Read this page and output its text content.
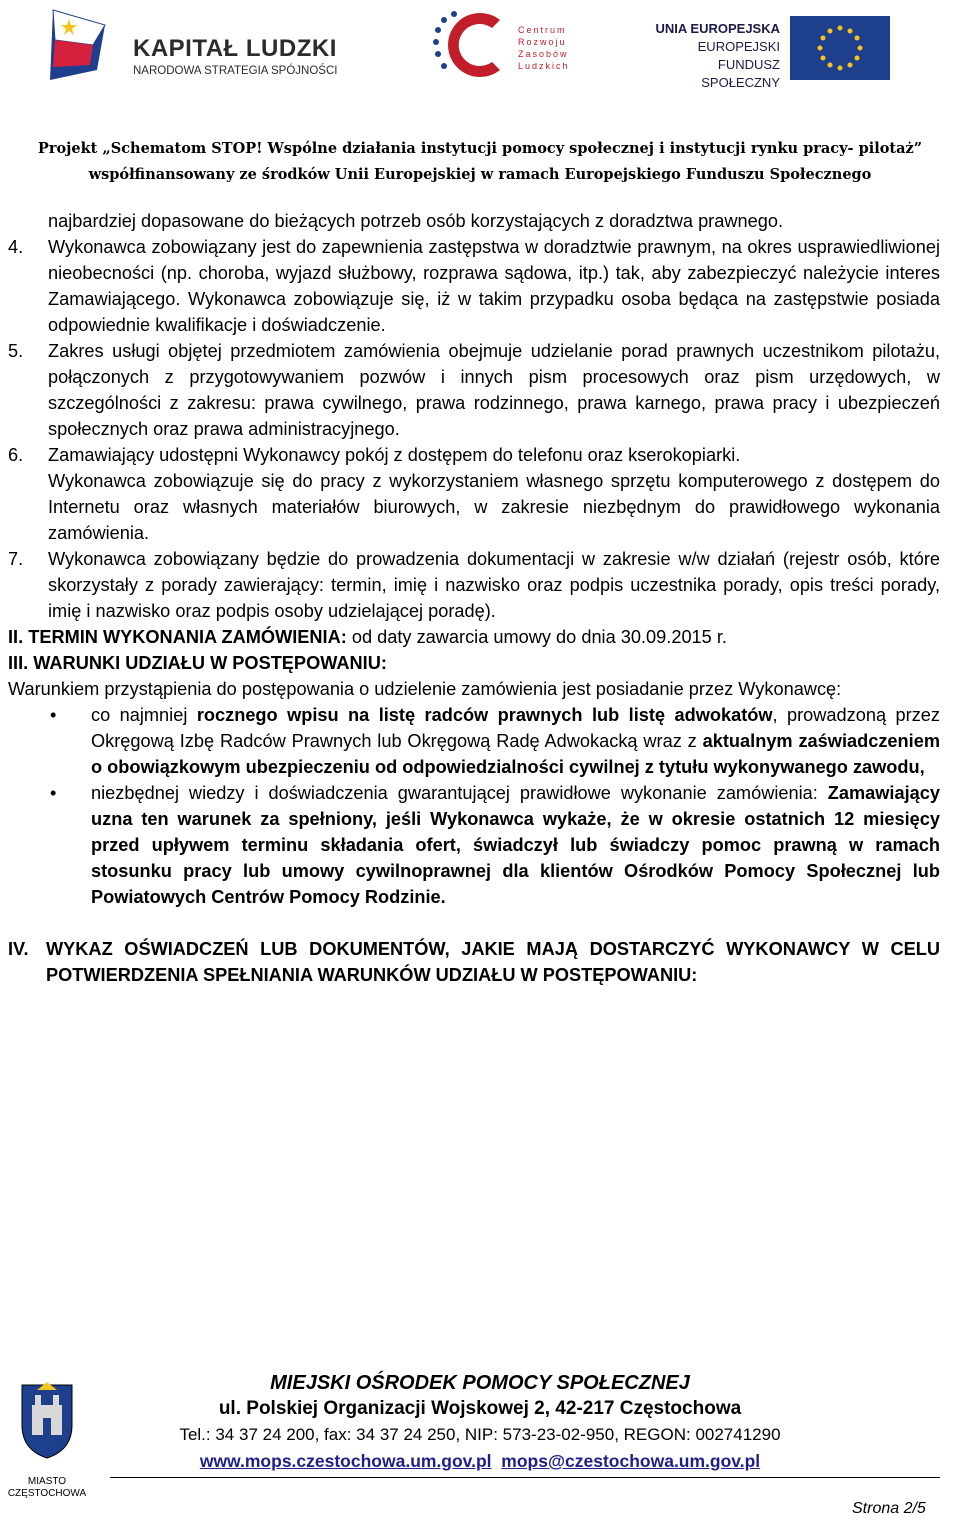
KAPITAŁ LUDZKI
NARODOWA STRATEGIA SPÓJNOŚCI
Centrum
Rozwoju
Zasobów
Ludzkich
UNIA EUROPEJSKA
EUROPEJSKI
FUNDUSZ SPOŁECZNY
Projekt „Schematom STOP! Wspólne działania instytucji pomocy społecznej i instytucji rynku pracy- pilotaż”
współfinansowany ze środków Unii Europejskiej w ramach Europejskiego Funduszu Społecznego

najbardziej dopasowane do bieżących potrzeb osób korzystających z doradztwa prawnego.

4. Wykonawca zobowiązany jest do zapewnienia zastępstwa w doradztwie prawnym, na okres usprawiedliwionej nieobecności (np. choroba, wyjazd służbowy, rozprawa sądowa, itp.) tak, aby zabezpieczyć należycie interes Zamawiającego. Wykonawca zobowiązuje się, iż w takim przypadku osoba będąca na zastępstwie posiada odpowiednie kwalifikacje i doświadczenie.
5. Zakres usługi objętej przedmiotem zamówienia obejmuje udzielanie porad prawnych uczestnikom pilotażu, połączonych z przygotowywaniem pozwów i innych pism procesowych oraz pism urzędowych, w szczególności z zakresu: prawa cywilnego, prawa rodzinnego, prawa karnego, prawa pracy i ubezpieczeń społecznych oraz prawa administracyjnego.
6. Zamawiający udostępni Wykonawcy pokój z dostępem do telefonu oraz kserokopiarki.

Wykonawca zobowiązuje się do pracy z wykorzystaniem własnego sprzętu komputerowego z dostępem do Internetu oraz własnych materiałów biurowych, w zakresie niezbędnym do prawidłowego wykonania zamówienia.

7. Wykonawca zobowiązany będzie do prowadzenia dokumentacji w zakresie w/w działań (rejestr osób, które skorzystały z porady zawierający: termin, imię i nazwisko oraz podpis uczestnika porady, opis treści porady, imię i nazwisko oraz podpis osoby udzielającej poradę).

II. TERMIN WYKONANIA ZAMÓWIENIA: od daty zawarcia umowy do dnia 30.09.2015 r.

III. WARUNKI UDZIAŁU W POSTĘPOWANIU:

Warunkiem przystąpienia do postępowania o udzielenie zamówienia jest posiadanie przez Wykonawcę:

• co najmniej rocznego wpisu na listę radców prawnych lub listę adwokatów, prowadzoną przez Okręgową Izbę Radców Prawnych lub Okręgową Radę Adwokacką wraz z aktualnym zaświadczeniem o obowiązkowym ubezpieczeniu od odpowiedzialności cywilnej z tytułu wykonywanego zawodu,
• niezbędnej wiedzy i doświadczenia gwarantującej prawidłowe wykonanie zamówienia: Zamawiający uzna ten warunek za spełniony, jeśli Wykonawca wykaże, że w okresie ostatnich 12 miesięcy przed upływem terminu składania ofert, świadczył lub świadczy pomoc prawną w ramach stosunku pracy lub umowy cywilnoprawnej dla klientów Ośrodków Pomocy Społecznej lub Powiatowych Centrów Pomocy Rodzinie.
IV. WYKAZ OŚWIADCZEŃ LUB DOKUMENTÓW, JAKIE MAJĄ DOSTARCZYĆ WYKONAWCY W CELU POTWIERDZENIA SPEŁNIANIA WARUNKÓW UDZIAŁU W POSTĘPOWANIU:
MIASTO
CZĘSTOCHOWA
MIEJSKI OŚRODEK POMOCY SPOŁECZNEJ
ul. Polskiej Organizacji Wojskowej 2, 42-217 Częstochowa
Tel.: 34 37 24 200, fax: 34 37 24 250, NIP: 573-23-02-950, REGON: 002741290
www.mops.czestochowa.um.gov.pl mops@czestochowa.um.gov.pl
Strona 2/5
